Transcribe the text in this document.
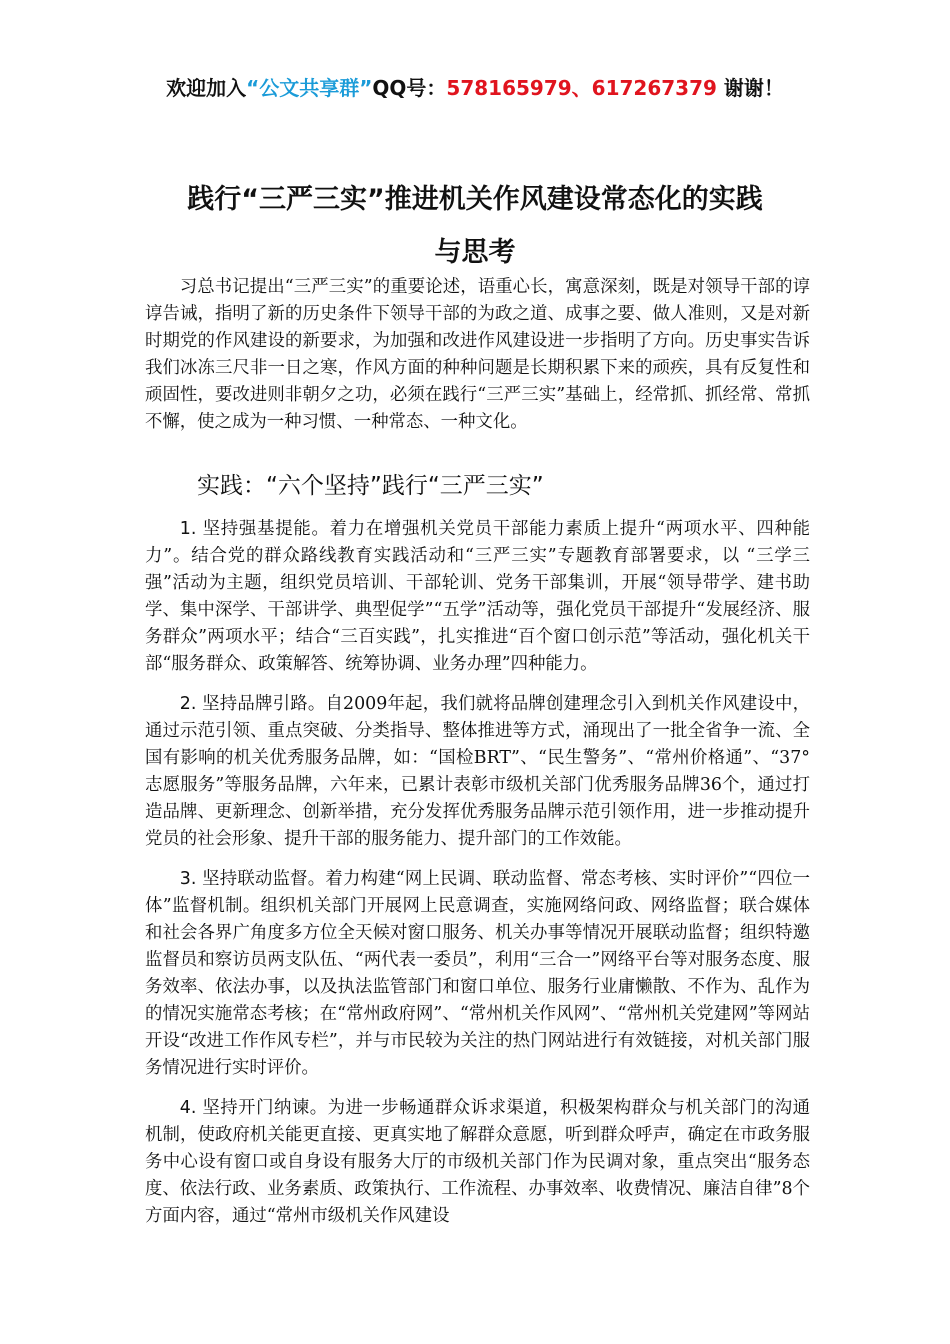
欢迎加入“公文共享群”QQ号：578165979、617267379 谢谢！
践行“三严三实”推进机关作风建设常态化的实践
与思考

习总书记提出“三严三实”的重要论述，语重心长，寓意深刻，既是对领导干部的谆谆告诫，指明了新的历史条件下领导干部的为政之道、成事之要、做人准则，又是对新时期党的作风建设的新要求，为加强和改进作风建设进一步指明了方向。历史事实告诉我们冰冻三尺非一日之寒，作风方面的种种问题是长期积累下来的顽疾，具有反复性和顽固性，要改进则非朝夕之功，必须在践行“三严三实”基础上，经常抓、抓经常、常抓不懈，使之成为一种习惯、一种常态、一种文化。

实践：“六个坚持”践行“三严三实”

1. 坚持强基提能。着力在增强机关党员干部能力素质上提升“两项水平、四种能力”。结合党的群众路线教育实践活动和“三严三实”专题教育部署要求，以 “三学三强”活动为主题，组织党员培训、干部轮训、党务干部集训，开展“领导带学、建书助学、集中深学、干部讲学、典型促学”“五学”活动等，强化党员干部提升“发展经济、服务群众”两项水平；结合“三百实践”，扎实推进“百个窗口创示范”等活动，强化机关干部“服务群众、政策解答、统筹协调、业务办理”四种能力。

2. 坚持品牌引路。自2009年起，我们就将品牌创建理念引入到机关作风建设中，通过示范引领、重点突破、分类指导、整体推进等方式，涌现出了一批全省争一流、全国有影响的机关优秀服务品牌，如：“国检BRT”、“民生警务”、“常州价格通”、“37°志愿服务”等服务品牌，六年来，已累计表彰市级机关部门优秀服务品牌36个，通过打造品牌、更新理念、创新举措，充分发挥优秀服务品牌示范引领作用，进一步推动提升党员的社会形象、提升干部的服务能力、提升部门的工作效能。

3. 坚持联动监督。着力构建“网上民调、联动监督、常态考核、实时评价”“四位一体”监督机制。组织机关部门开展网上民意调查，实施网络问政、网络监督；联合媒体和社会各界广角度多方位全天候对窗口服务、机关办事等情况开展联动监督；组织特邀监督员和察访员两支队伍、“两代表一委员”，利用“三合一”网络平台等对服务态度、服务效率、依法办事，以及执法监管部门和窗口单位、服务行业庸懒散、不作为、乱作为的情况实施常态考核；在“常州政府网”、“常州机关作风网”、“常州机关党建网”等网站开设“改进工作作风专栏”，并与市民较为关注的热门网站进行有效链接，对机关部门服务情况进行实时评价。

4. 坚持开门纳谏。为进一步畅通群众诉求渠道，积极架构群众与机关部门的沟通机制，使政府机关能更直接、更真实地了解群众意愿，听到群众呼声，确定在市政务服务中心设有窗口或自身设有服务大厅的市级机关部门作为民调对象，重点突出“服务态度、依法行政、业务素质、政策执行、工作流程、办事效率、收费情况、廉洁自律”8个方面内容，通过“常州市级机关作风建设
